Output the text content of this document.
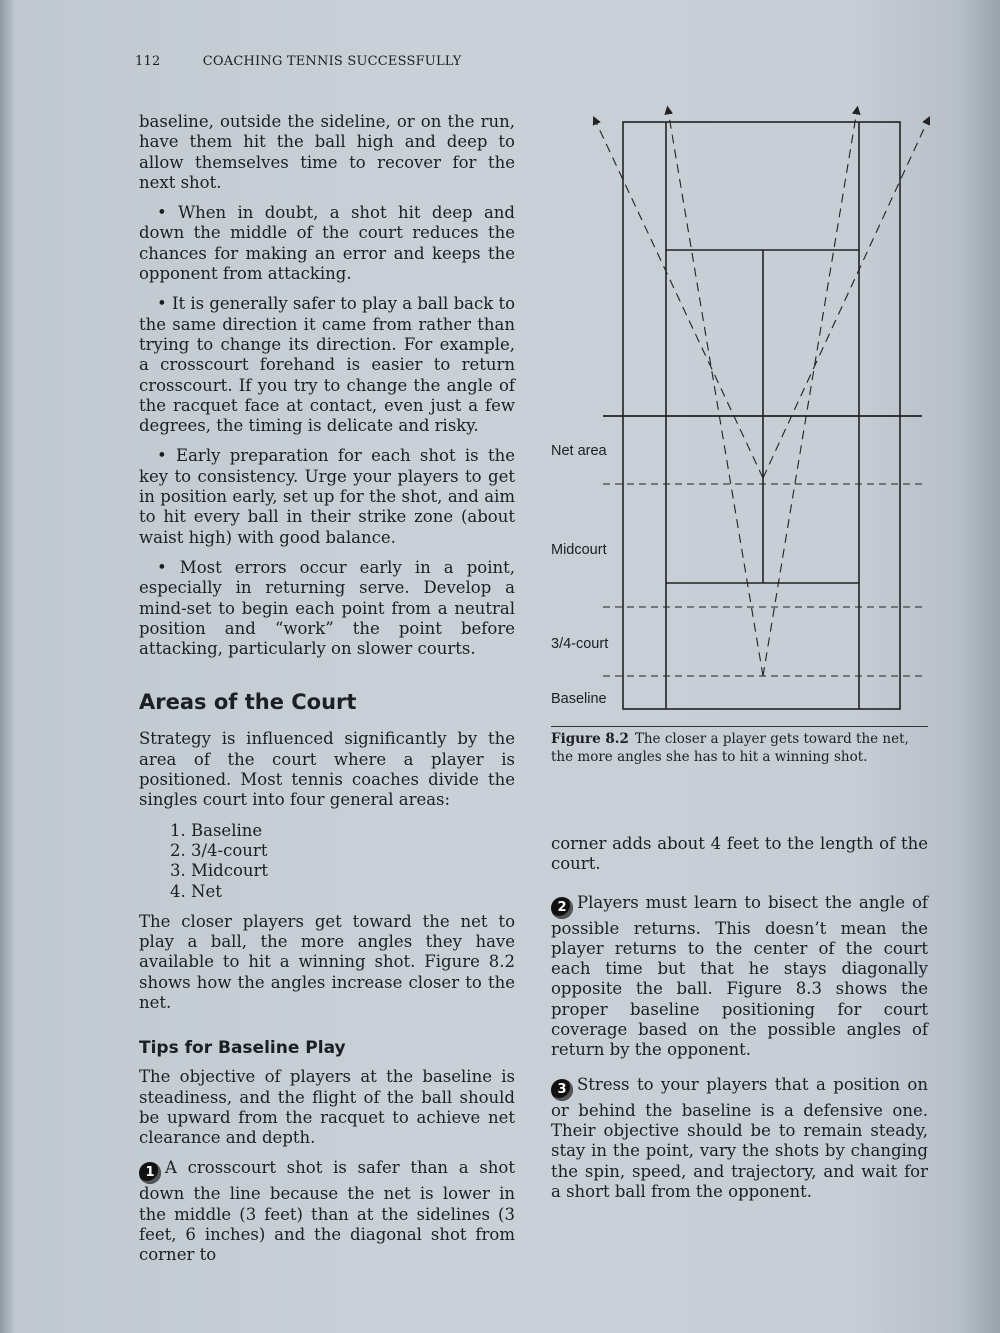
112	COACHING TENNIS SUCCESSFULLY

baseline, outside the sideline, or on the run, have them hit the ball high and deep to allow themselves time to recover for the next shot.

• When in doubt, a shot hit deep and down the middle of the court reduces the chances for making an error and keeps the opponent from attacking.

• It is generally safer to play a ball back to the same direction it came from rather than trying to change its direction. For example, a crosscourt forehand is easier to return crosscourt. If you try to change the angle of the racquet face at contact, even just a few degrees, the timing is delicate and risky.

• Early preparation for each shot is the key to consistency. Urge your players to get in position early, set up for the shot, and aim to hit every ball in their strike zone (about waist high) with good balance.

• Most errors occur early in a point, especially in returning serve. Develop a mind-set to begin each point from a neutral position and “work” the point before attacking, particularly on slower courts.

Areas of the Court

Strategy is influenced significantly by the area of the court where a player is positioned. Most tennis coaches divide the singles court into four general areas:

1. Baseline
2. 3/4-court
3. Midcourt
4. Net

The closer players get toward the net to play a ball, the more angles they have available to hit a winning shot. Figure 8.2 shows how the angles increase closer to the net.

Tips for Baseline Play

The objective of players at the baseline is steadiness, and the flight of the ball should be upward from the racquet to achieve net clearance and depth.

1 A crosscourt shot is safer than a shot down the line because the net is lower in the middle (3 feet) than at the sidelines (3 feet, 6 inches) and the diagonal shot from corner to

Net area
Midcourt
3/4-court
Baseline
Figure 8.2 The closer a player gets toward the net, the more angles she has to hit a winning shot.

corner adds about 4 feet to the length of the court.

2 Players must learn to bisect the angle of possible returns. This doesn’t mean the player returns to the center of the court each time but that he stays diagonally opposite the ball. Figure 8.3 shows the proper baseline positioning for court coverage based on the possible angles of return by the opponent.

3 Stress to your players that a position on or behind the baseline is a defensive one. Their objective should be to remain steady, stay in the point, vary the shots by changing the spin, speed, and trajectory, and wait for a short ball from the opponent.
